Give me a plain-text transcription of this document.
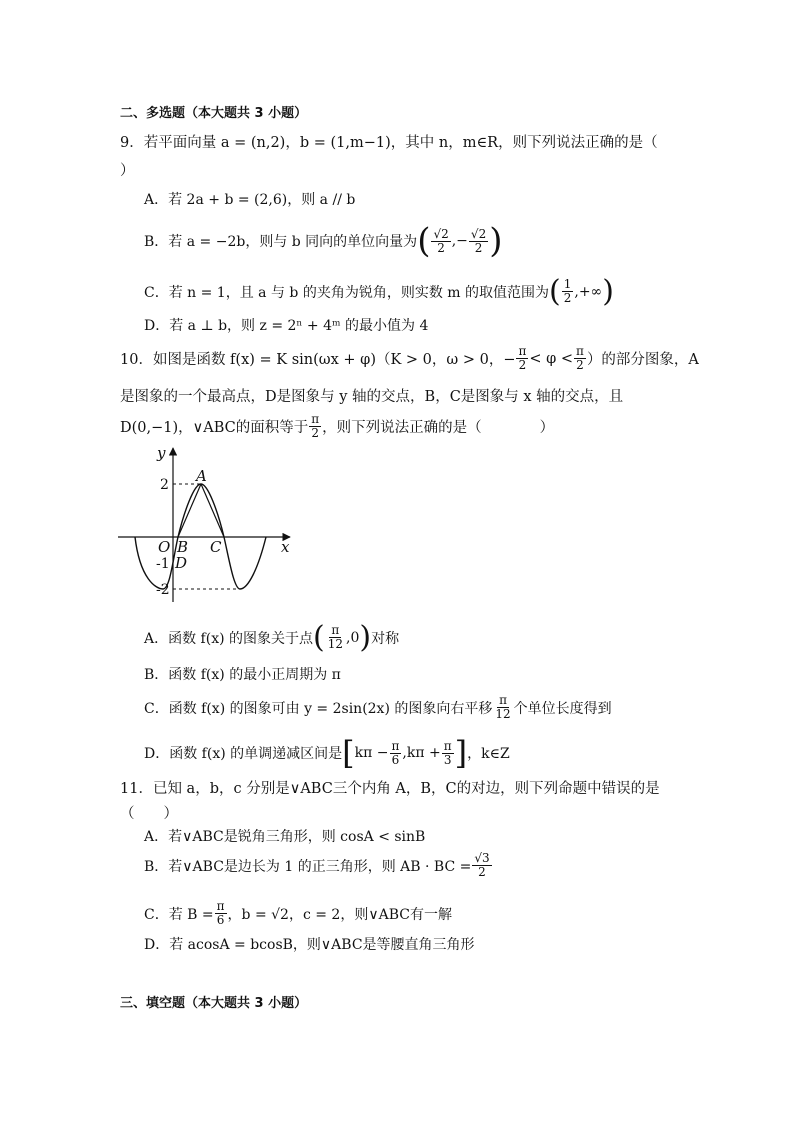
二、多选题（本大题共 3 小题）
9．若平面向量 a = (n,2)，b = (1,m−1)，其中 n，m∈R，则下列说法正确的是（
）
A．若 2a + b = (2,6)，则 a // b
B．若 a = −2b，则与 b 同向的单位向量为 ( $\frac{√2}{2}$ ,− $\frac{√2}{2}$ )
C．若 n = 1，且 a 与 b 的夹角为锐角，则实数 m 的取值范围为 ( $\frac{1}{2}$ ,+∞ )
D．若 a ⊥ b，则 z = 2ⁿ + 4ᵐ 的最小值为 4
10．如图是函数 f(x) = K sin(ωx + φ)（K > 0，ω > 0，− $\frac{\pi}{2} < \varphi < \frac{\pi}{2}$ ）的部分图象，A
是图象的一个最高点，D是图象与 y 轴的交点，B，C是图象与 x 轴的交点，且
D(0,−1)，∨ABC的面积等于 $\frac{\pi}{2}$ ，则下列说法正确的是（　　　　）
y
x
A
O B C
D
2
-1
-2
A．函数 f(x) 的图象关于点 ( $\frac{\pi}{12} ,0$ ) 对称
B．函数 f(x) 的最小正周期为 π
C．函数 f(x) 的图象可由 y = 2sin(2x) 的图象向右平移 $\frac{\pi}{12}$ 个单位长度得到
D．函数 f(x) 的单调递减区间是 [ $k\pi - \frac{\pi}{6} ,k\pi + \frac{\pi}{3}$ ] ，k∈Z
11．已知 a，b，c 分别是∨ABC三个内角 A，B，C的对边，则下列命题中错误的是
（　　）
A．若∨ABC是锐角三角形，则 cosA < sinB
B．若∨ABC是边长为 1 的正三角形，则 AB · BC = $\frac{√3}{2}$
C．若 $B = \frac{\pi}{6}$ ，b = √2，c = 2，则∨ABC有一解
D．若 acosA = bcosB，则∨ABC是等腰直角三角形
三、填空题（本大题共 3 小题）
